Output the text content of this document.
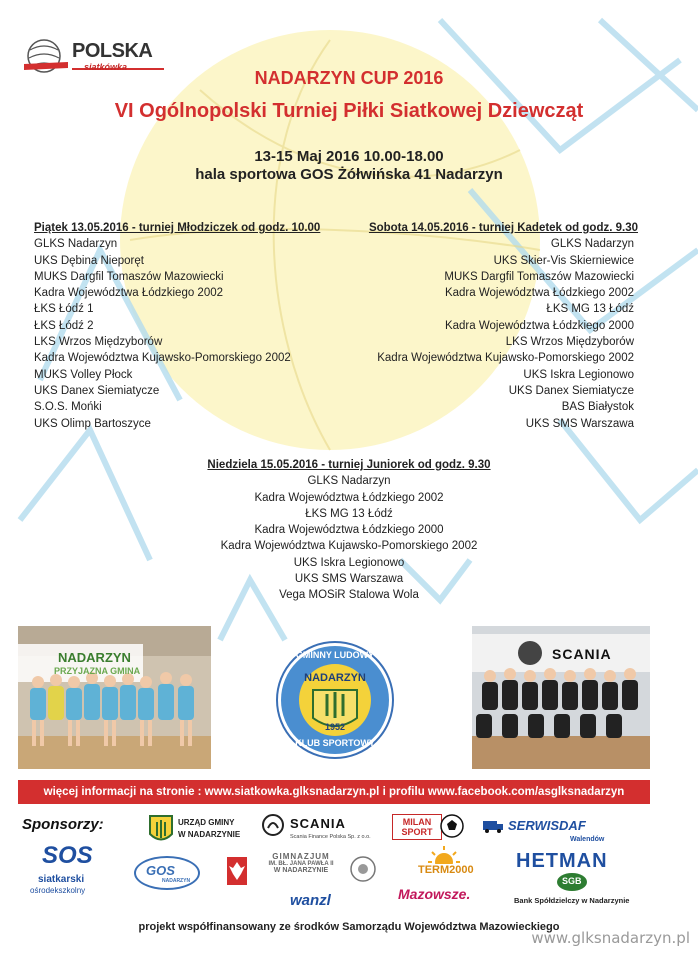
POLSKA
siatkówka
NADARZYN CUP 2016
VI Ogólnopolski Turniej Piłki Siatkowej Dziewcząt
13-15 Maj 2016 10.00-18.00
hala sportowa GOS Żółwińska 41 Nadarzyn
Piątek 13.05.2016 - turniej Młodziczek od godz. 10.00
GLKS Nadarzyn
UKS Dębina Nieporęt
MUKS Dargfil Tomaszów Mazowiecki
Kadra Województwa Łódzkiego 2002
ŁKS Łódź 1
ŁKS Łódź 2
LKS Wrzos Międzyborów
Kadra Województwa Kujawsko-Pomorskiego 2002
MUKS Volley Płock
UKS Danex Siemiatycze
S.O.S. Mońki
UKS Olimp Bartoszyce
Sobota 14.05.2016 - turniej Kadetek od godz. 9.30
GLKS Nadarzyn
UKS Skier-Vis Skierniewice
MUKS Dargfil Tomaszów Mazowiecki
Kadra Województwa Łódzkiego 2002
ŁKS MG 13 Łódź
Kadra Województwa Łódzkiego 2000
LKS Wrzos Międzyborów
Kadra Województwa Kujawsko-Pomorskiego 2002
UKS Iskra Legionowo
UKS Danex Siemiatycze
BAS Białystok
UKS SMS Warszawa
Niedziela 15.05.2016 - turniej Juniorek od godz. 9.30
GLKS Nadarzyn
Kadra Województwa Łódzkiego 2002
ŁKS MG 13 Łódź
Kadra Województwa Łódzkiego 2000
Kadra Województwa Kujawsko-Pomorskiego 2002
UKS Iskra Legionowo
UKS SMS Warszawa
Vega MOSiR Stalowa Wola
NADARZYN
PRZYJAZNA GMINA
GMINNY LUDOWY
NADARZYN
1952
KLUB SPORTOWY
SCANIA
więcej informacji na stronie : www.siatkowka.glksnadarzyn.pl i profilu www.facebook.com/asglksnadarzyn
Sponsorzy:	URZĄD GMINY
W NADARZYNIE
SCANIA
Scania Finance Polska Sp. z o.o.
MILAN SPORT	SERWISDAF
Walendów
SOS
siatkarski
ośrodekszkolny
GOS
NADARZYN
GIMNAZJUM
IM. BŁ. JANA PAWŁA II
W NADARZYNIE
wanzl
TERM2000
Mazowsze.
HETMAN
SGB
Bank Spółdzielczy w Nadarzynie
projekt współfinansowany ze środków Samorządu Województwa Mazowieckiego
www.glksnadarzyn.pl
